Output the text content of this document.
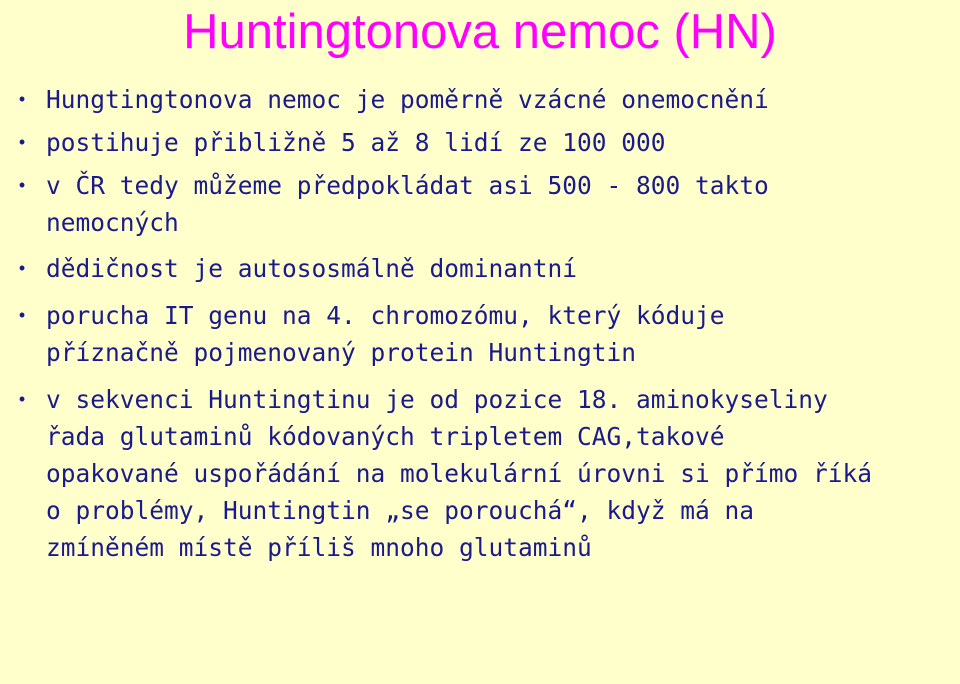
Huntingtonova nemoc (HN)
• Hungtingtonova nemoc je poměrně vzácné onemocnění
• postihuje přibližně 5 až 8 lidí ze 100 000
• v ČR tedy můžeme předpokládat asi 500 - 800 takto
nemocných
• dědičnost je autososmálně dominantní
• porucha IT genu na 4. chromozómu, který kóduje
příznačně pojmenovaný protein Huntingtin
• v sekvenci Huntingtinu je od pozice 18. aminokyseliny
řada glutaminů kódovaných tripletem CAG,takové
opakované uspořádání na molekulární úrovni si přímo říká
o problémy, Huntingtin „se porouchá“, když má na
zmíněném místě příliš mnoho glutaminů
